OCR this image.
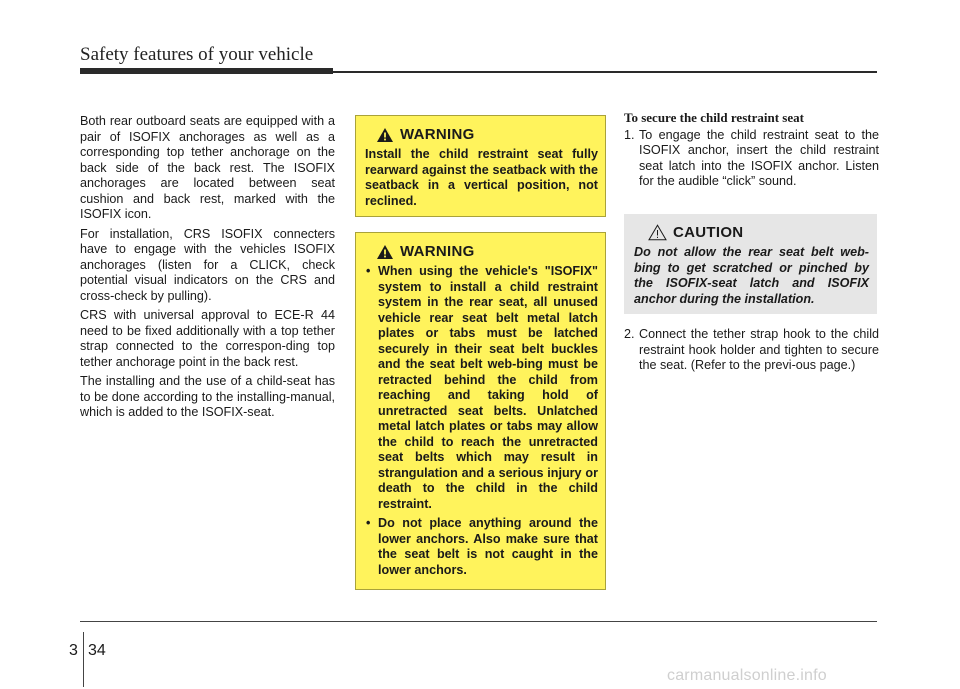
Safety features of your vehicle

Both rear outboard seats are equipped with a pair of ISOFIX anchorages as well as a corresponding top tether anchorage on the back side of the back rest. The ISOFIX anchorages are located between seat cushion and back rest, marked with the ISOFIX icon.

For installation, CRS ISOFIX connecters have to engage with the vehicles ISOFIX anchorages (listen for a CLICK, check potential visual indicators on the CRS and cross-check by pulling).

CRS with universal approval to ECE-R 44 need to be fixed additionally with a top tether strap connected to the correspon-ding top tether anchorage point in the back rest.

The installing and the use of a child-seat has to be done according to the installing-manual, which is added to the ISOFIX-seat.

WARNING

Install the child restraint seat fully rearward against the seatback with the seatback in a vertical position, not reclined.

WARNING
• When using the vehicle's "ISOFIX" system to install a child restraint system in the rear seat, all unused vehicle rear seat belt metal latch plates or tabs must be latched securely in their seat belt buckles and the seat belt web-bing must be retracted behind the child from reaching and taking hold of unretracted seat belts. Unlatched metal latch plates or tabs may allow the child to reach the unretracted seat belts which may result in strangulation and a serious injury or death to the child in the child restraint.
• Do not place anything around the lower anchors. Also make sure that the seat belt is not caught in the lower anchors.

To secure the child restraint seat

1. To engage the child restraint seat to the ISOFIX anchor, insert the child restraint seat latch into the ISOFIX anchor. Listen for the audible “click” sound.

CAUTION

Do not allow the rear seat belt web-bing to get scratched or pinched by the ISOFIX-seat latch and ISOFIX anchor during the installation.

2. Connect the tether strap hook to the child restraint hook holder and tighten to secure the seat. (Refer to the previ-ous page.)

3 34
carmanualsonline.info
